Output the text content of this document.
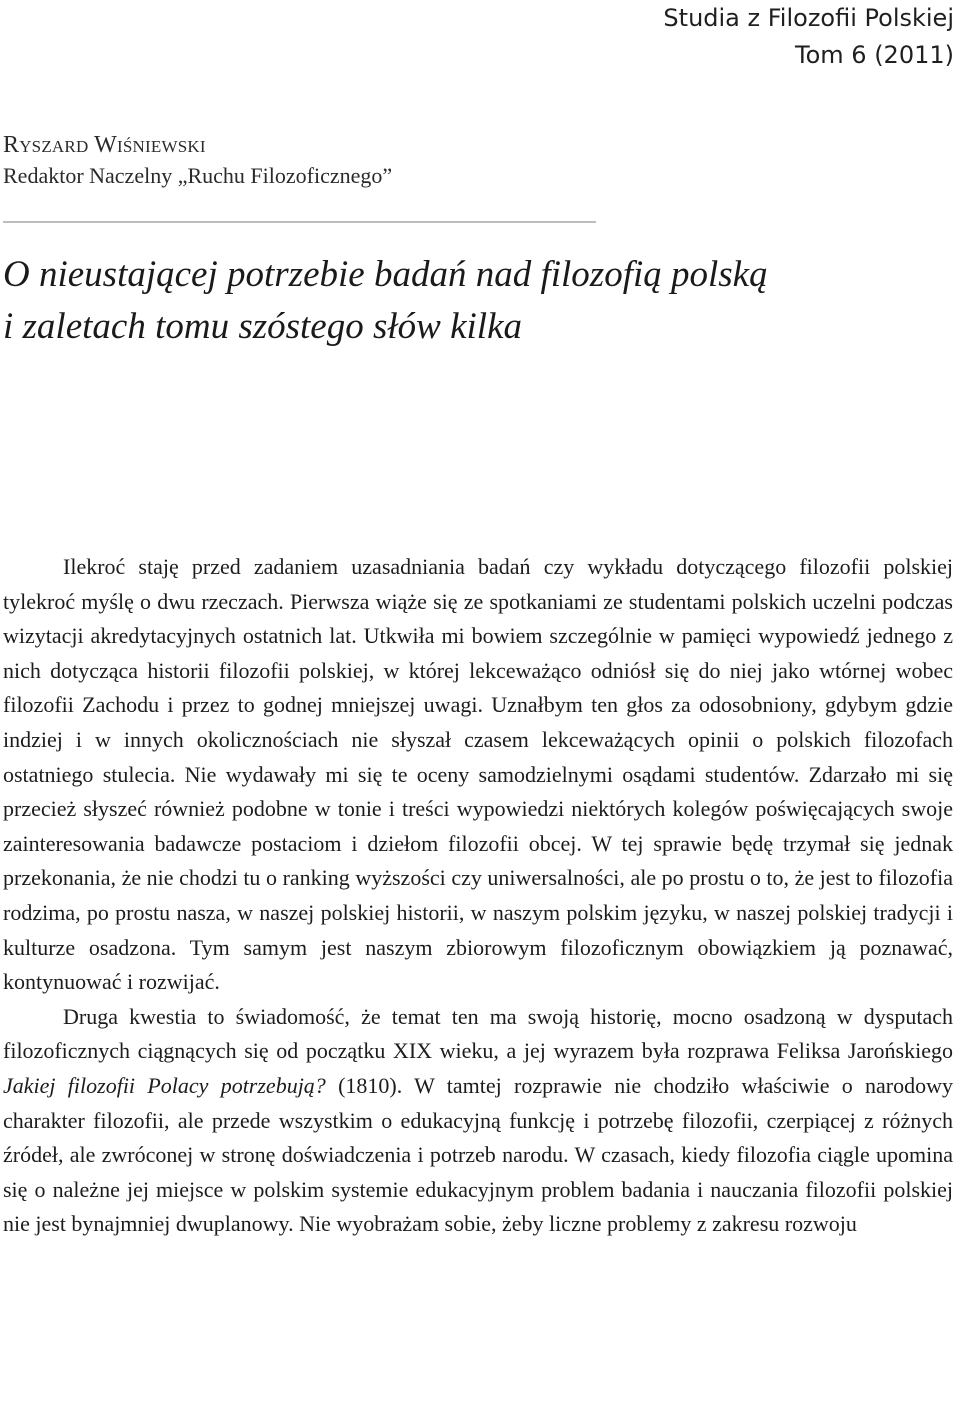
Studia z Filozofii Polskiej
Tom 6 (2011)
Ryszard Wiśniewski
Redaktor Naczelny „Ruchu Filozoficznego”
O nieustającej potrzebie badań nad filozofią polską
i zaletach tomu szóstego słów kilka

Ilekroć staję przed zadaniem uzasadniania badań czy wykładu dotyczącego filozofii polskiej tylekroć myślę o dwu rzeczach. Pierwsza wiąże się ze spotkaniami ze studentami polskich uczelni podczas wizytacji akredytacyjnych ostatnich lat. Utkwiła mi bowiem szczególnie w pamięci wypowiedź jednego z nich dotycząca historii filozofii polskiej, w której lekceważąco odniósł się do niej jako wtórnej wobec filozofii Zachodu i przez to godnej mniejszej uwagi. Uznałbym ten głos za odosobniony, gdybym gdzie indziej i w innych okolicznościach nie słyszał czasem lekceważących opinii o polskich filozofach ostatniego stulecia. Nie wydawały mi się te oceny samodzielnymi osądami studentów. Zdarzało mi się przecież słyszeć również podobne w tonie i treści wypowiedzi niektórych kolegów poświęcających swoje zainteresowania badawcze postaciom i dziełom filozofii obcej. W tej sprawie będę trzymał się jednak przekonania, że nie chodzi tu o ranking wyższości czy uniwersalności, ale po prostu o to, że jest to filozofia rodzima, po prostu nasza, w naszej polskiej historii, w naszym polskim języku, w naszej polskiej tradycji i kulturze osadzona. Tym samym jest naszym zbiorowym filozoficznym obowiązkiem ją poznawać, kontynuować i rozwijać.

Druga kwestia to świadomość, że temat ten ma swoją historię, mocno osadzoną w dysputach filozoficznych ciągnących się od początku XIX wieku, a jej wyrazem była rozprawa Feliksa Jarońskiego Jakiej filozofii Polacy potrzebują? (1810). W tamtej rozprawie nie chodziło właściwie o narodowy charakter filozofii, ale przede wszystkim o edukacyjną funkcję i potrzebę filozofii, czerpiącej z różnych źródeł, ale zwróconej w stronę doświadczenia i potrzeb narodu. W czasach, kiedy filozofia ciągle upomina się o należne jej miejsce w polskim systemie edukacyjnym problem badania i nauczania filozofii polskiej nie jest bynajmniej dwuplanowy. Nie wyobrażam sobie, żeby liczne problemy z zakresu rozwoju
